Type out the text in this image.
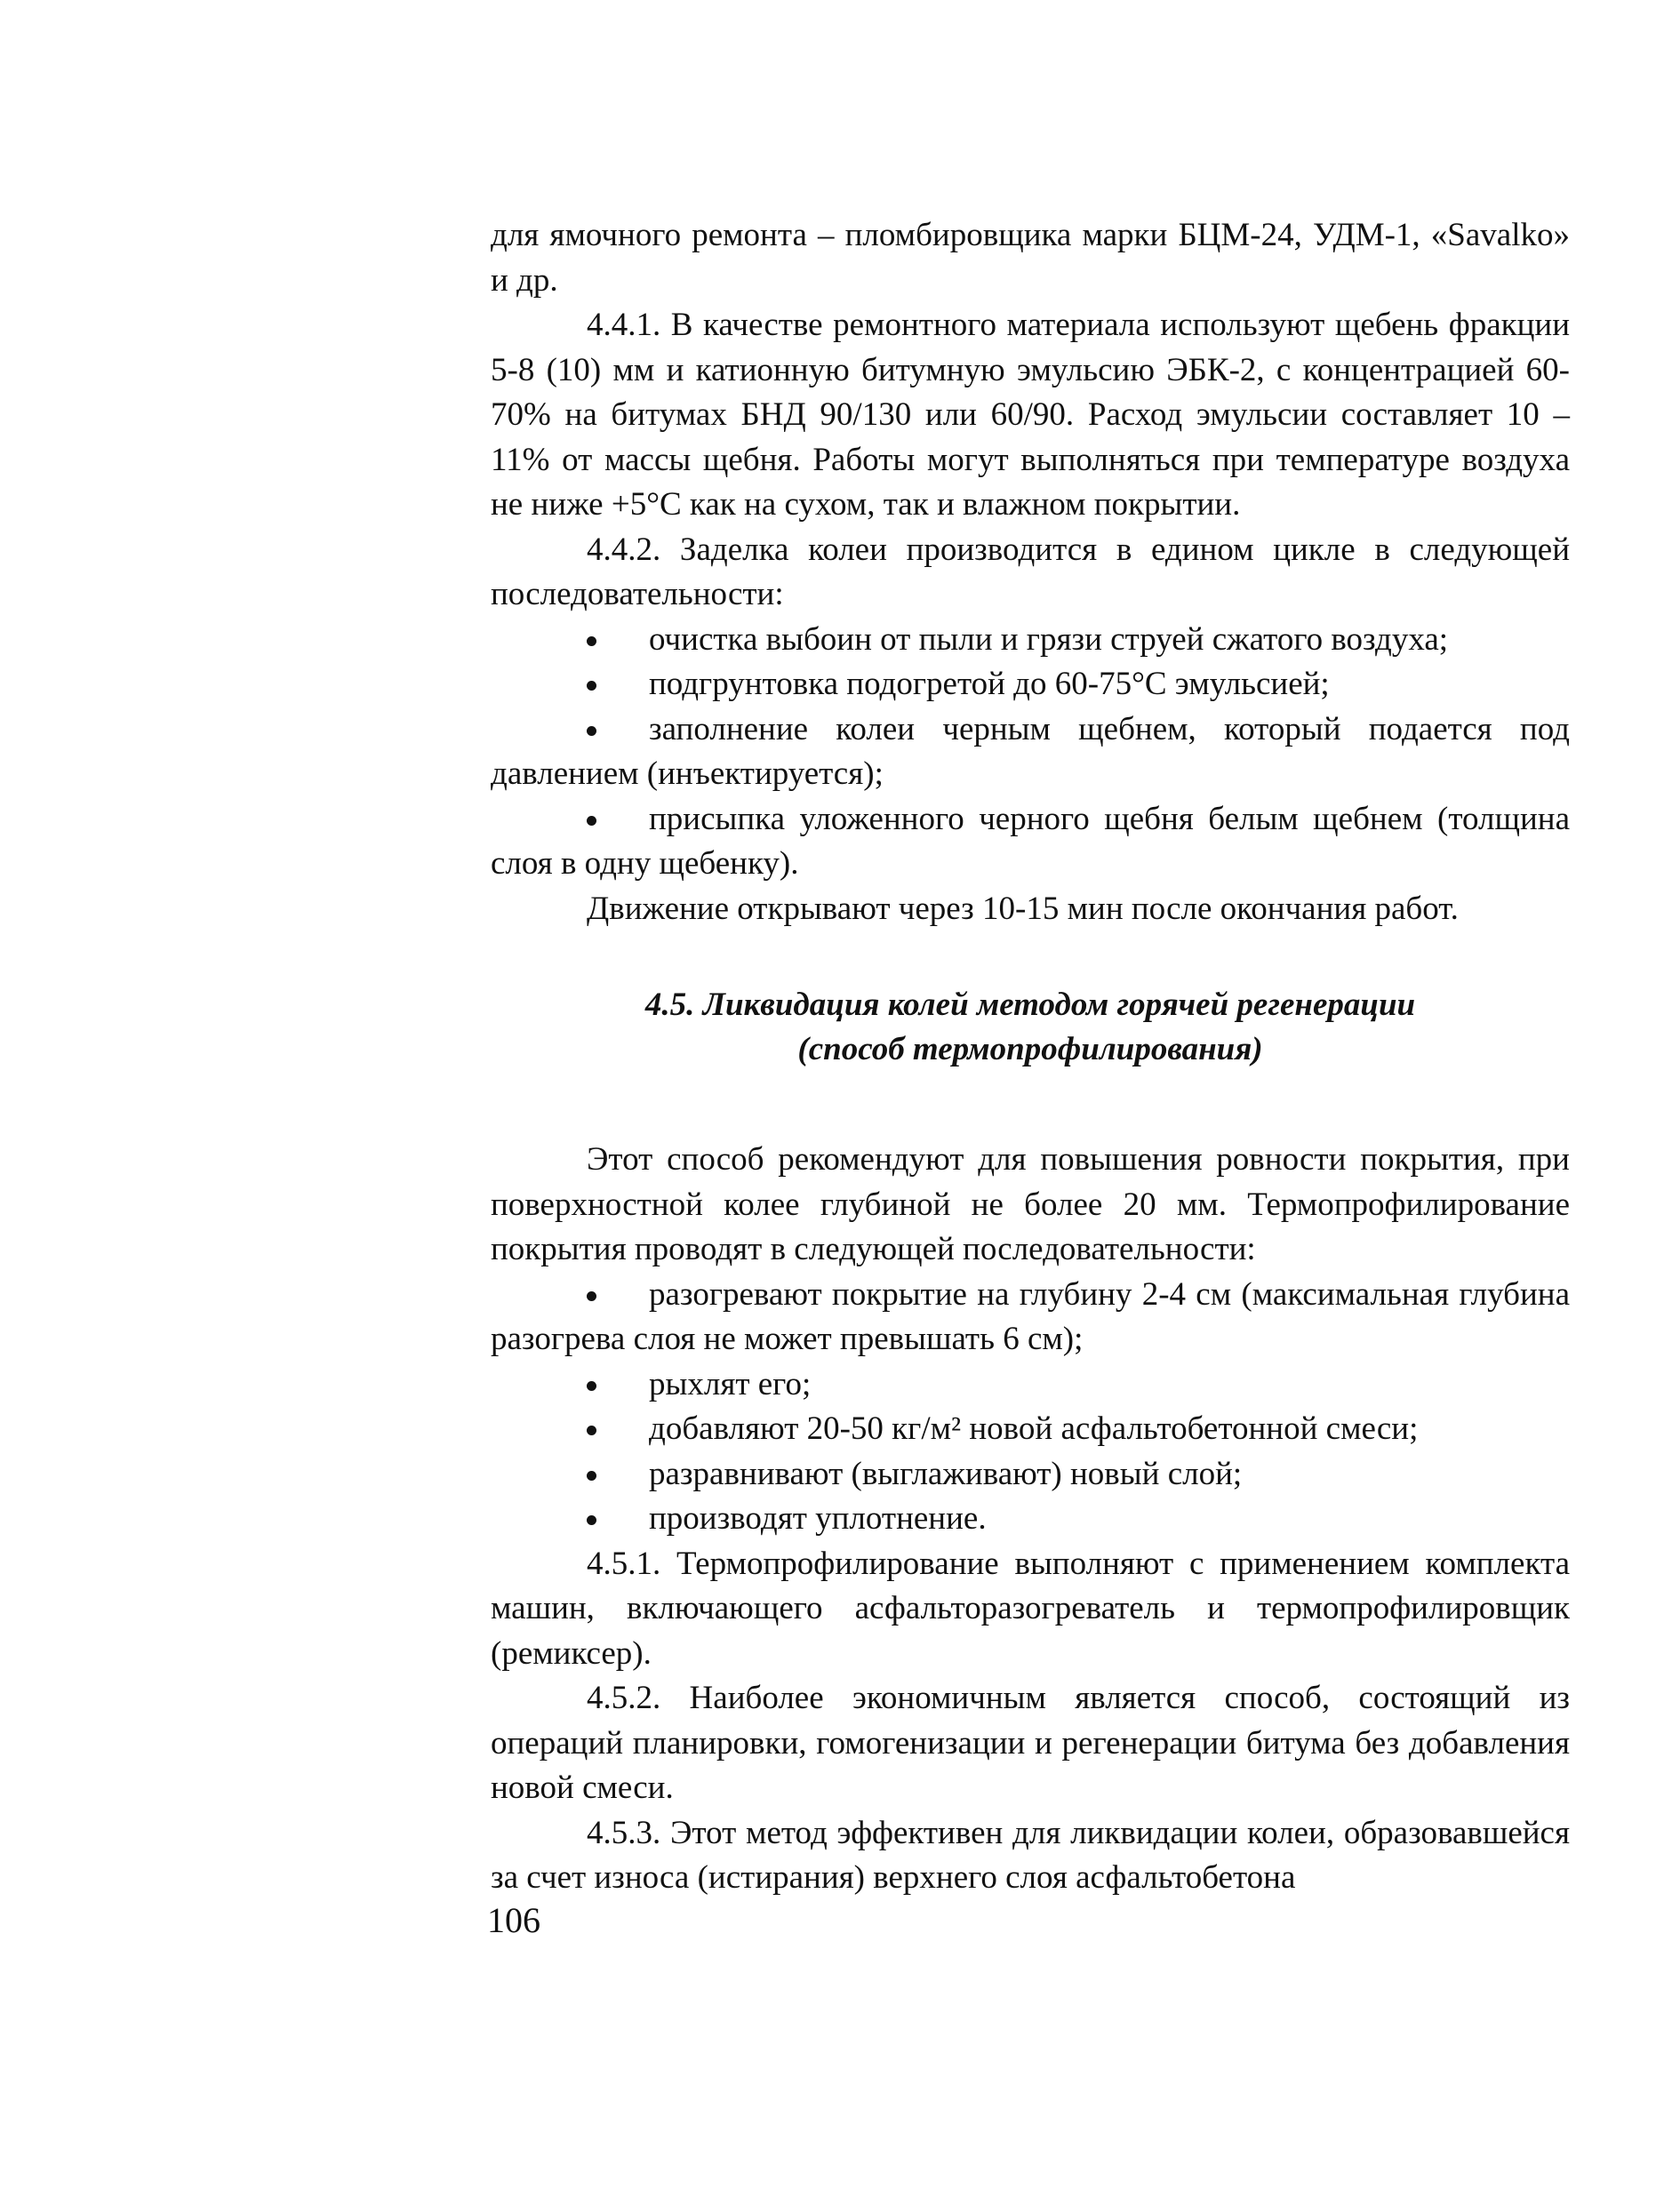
для ямочного ремонта – пломбировщика марки БЦМ-24, УДМ-1, «Savalko» и др.

4.4.1. В качестве ремонтного материала используют щебень фракции 5-8 (10) мм и катионную битумную эмульсию ЭБК-2, с концентрацией 60-70% на битумах БНД 90/130 или 60/90. Расход эмульсии составляет 10 – 11% от массы щебня. Работы могут выполняться при температуре воздуха не ниже +5°С как на сухом, так и влажном покрытии.

4.4.2. Заделка колеи производится в едином цикле в следующей последовательности:

очистка выбоин от пыли и грязи струей сжатого воздуха;

подгрунтовка подогретой до 60-75°С эмульсией;

заполнение колеи черным щебнем, который подается под давлением (инъектируется);

присыпка уложенного черного щебня белым щебнем (толщина слоя в одну щебенку).

Движение открывают через 10-15 мин после окончания работ.

4.5. Ликвидация колей методом горячей регенерации

(способ термопрофилирования)

Этот способ рекомендуют для повышения ровности покрытия, при поверхностной колее глубиной не более 20 мм. Термопрофилирование покрытия проводят в следующей последовательности:

разогревают покрытие на глубину 2-4 см (максимальная глубина разогрева слоя не может превышать 6 см);

рыхлят его;

добавляют 20-50 кг/м² новой асфальтобетонной смеси;

разравнивают (выглаживают) новый слой;

производят уплотнение.

4.5.1. Термопрофилирование выполняют с применением комплекта машин, включающего асфальторазогреватель и термопрофилировщик (ремиксер).

4.5.2. Наиболее экономичным является способ, состоящий из операций планировки, гомогенизации и регенерации битума без добавления новой смеси.

4.5.3. Этот метод эффективен для ликвидации колеи, образовавшейся за счет износа (истирания) верхнего слоя асфальтобетона

106
